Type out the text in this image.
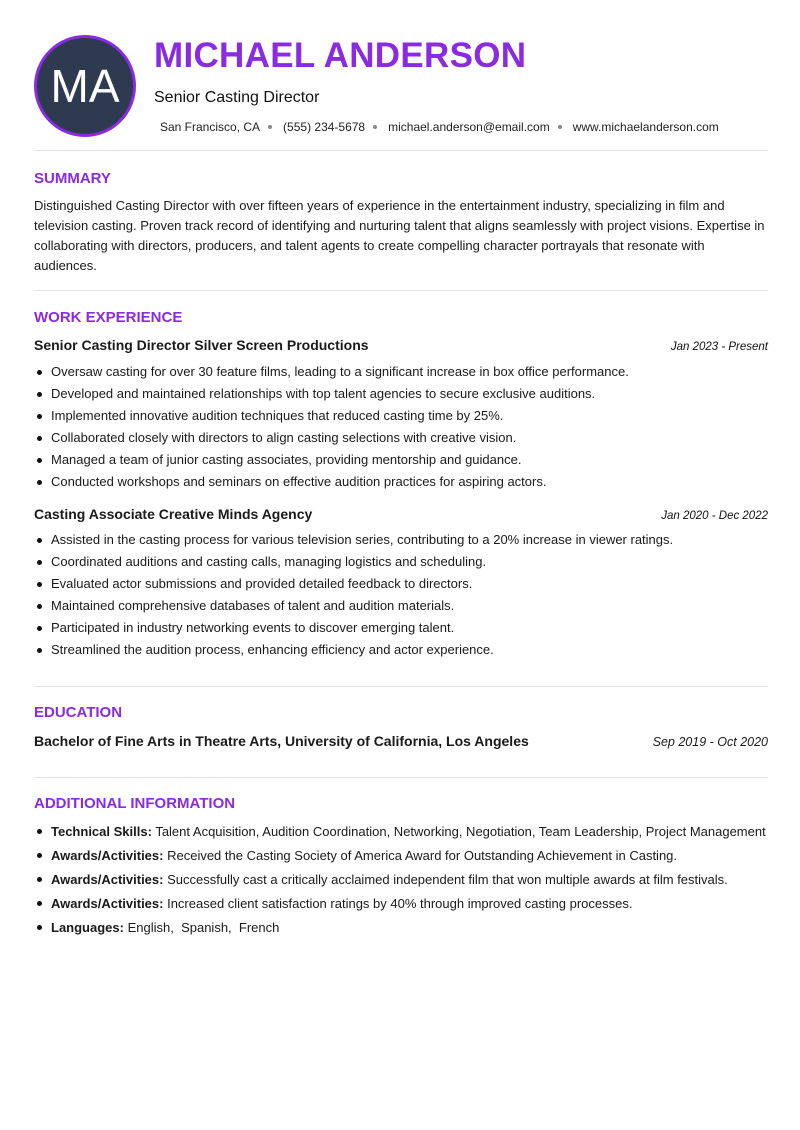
MA
MICHAEL ANDERSON
Senior Casting Director
San Francisco, CA (555) 234-5678 michael.anderson@email.com www.michaelanderson.com
SUMMARY

Distinguished Casting Director with over fifteen years of experience in the entertainment industry, specializing in film and television casting. Proven track record of identifying and nurturing talent that aligns seamlessly with project visions. Expertise in collaborating with directors, producers, and talent agents to create compelling character portrayals that resonate with audiences.

WORK EXPERIENCE
Senior Casting Director Silver Screen Productions	Jan 2023 - Present
Oversaw casting for over 30 feature films, leading to a significant increase in box office performance.
Developed and maintained relationships with top talent agencies to secure exclusive auditions.
Implemented innovative audition techniques that reduced casting time by 25%.
Collaborated closely with directors to align casting selections with creative vision.
Managed a team of junior casting associates, providing mentorship and guidance.
Conducted workshops and seminars on effective audition practices for aspiring actors.
Casting Associate Creative Minds Agency	Jan 2020 - Dec 2022
Assisted in the casting process for various television series, contributing to a 20% increase in viewer ratings.
Coordinated auditions and casting calls, managing logistics and scheduling.
Evaluated actor submissions and provided detailed feedback to directors.
Maintained comprehensive databases of talent and audition materials.
Participated in industry networking events to discover emerging talent.
Streamlined the audition process, enhancing efficiency and actor experience.
EDUCATION
Bachelor of Fine Arts in Theatre Arts, University of California, Los Angeles	Sep 2019 - Oct 2020
ADDITIONAL INFORMATION
Technical Skills: Talent Acquisition, Audition Coordination, Networking, Negotiation, Team Leadership, Project Management
Awards/Activities: Received the Casting Society of America Award for Outstanding Achievement in Casting.
Awards/Activities: Successfully cast a critically acclaimed independent film that won multiple awards at film festivals.
Awards/Activities: Increased client satisfaction ratings by 40% through improved casting processes.
Languages: English,  Spanish,  French
